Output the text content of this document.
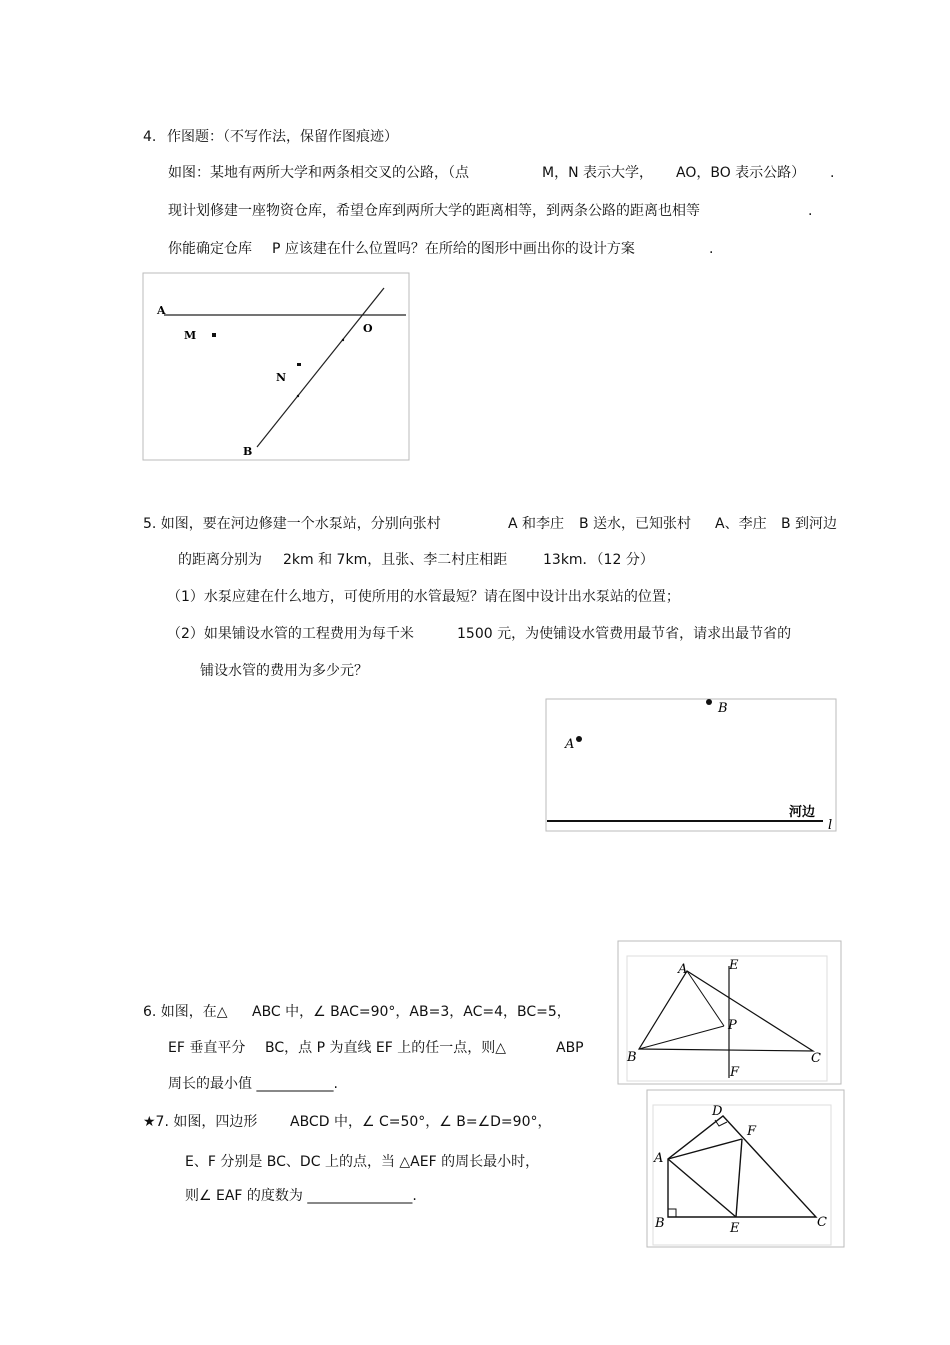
4. 作图题：（不写作法，保留作图痕迹）
如图：某地有两所大学和两条相交叉的公路，（点	M，N 表示大学， AO，BO 表示公路） .
现计划修建一座物资仓库，希望仓库到两所大学的距离相等，到两条公路的距离也相等	.
你能确定仓库 P 应该建在什么位置吗？在所给的图形中画出你的设计方案	.
A
M
O
N
B
5. 如图，要在河边修建一个水泵站，分别向张村	A 和李庄 B 送水，已知张村 A、李庄 B 到河边
的距离分别为 2km 和 7km，且张、李二村庄相距	13km．（12 分）
（1）水泵应建在什么地方，可使所用的水管最短？请在图中设计出水泵站的位置；
（2）如果铺设水管的工程费用为每千米	1500 元，为使铺设水管费用最节省，请求出最节省的
铺设水管的费用为多少元？
A
B
河边
l
6. 如图，在△ ABC 中，∠ BAC=90°，AB=3，AC=4，BC=5，
EF 垂直平分 BC，点 P 为直线 EF 上的任一点，则△	ABP
周长的最小值 ___________.
A	E
P
B	C
F
★7. 如图，四边形 ABCD 中，∠ C=50°，∠ B=∠D=90°，
E、F 分别是 BC、DC 上的点，当 △AEF 的周长最小时，
则∠ EAF 的度数为 _______________.
D
F
A
B	E	C
